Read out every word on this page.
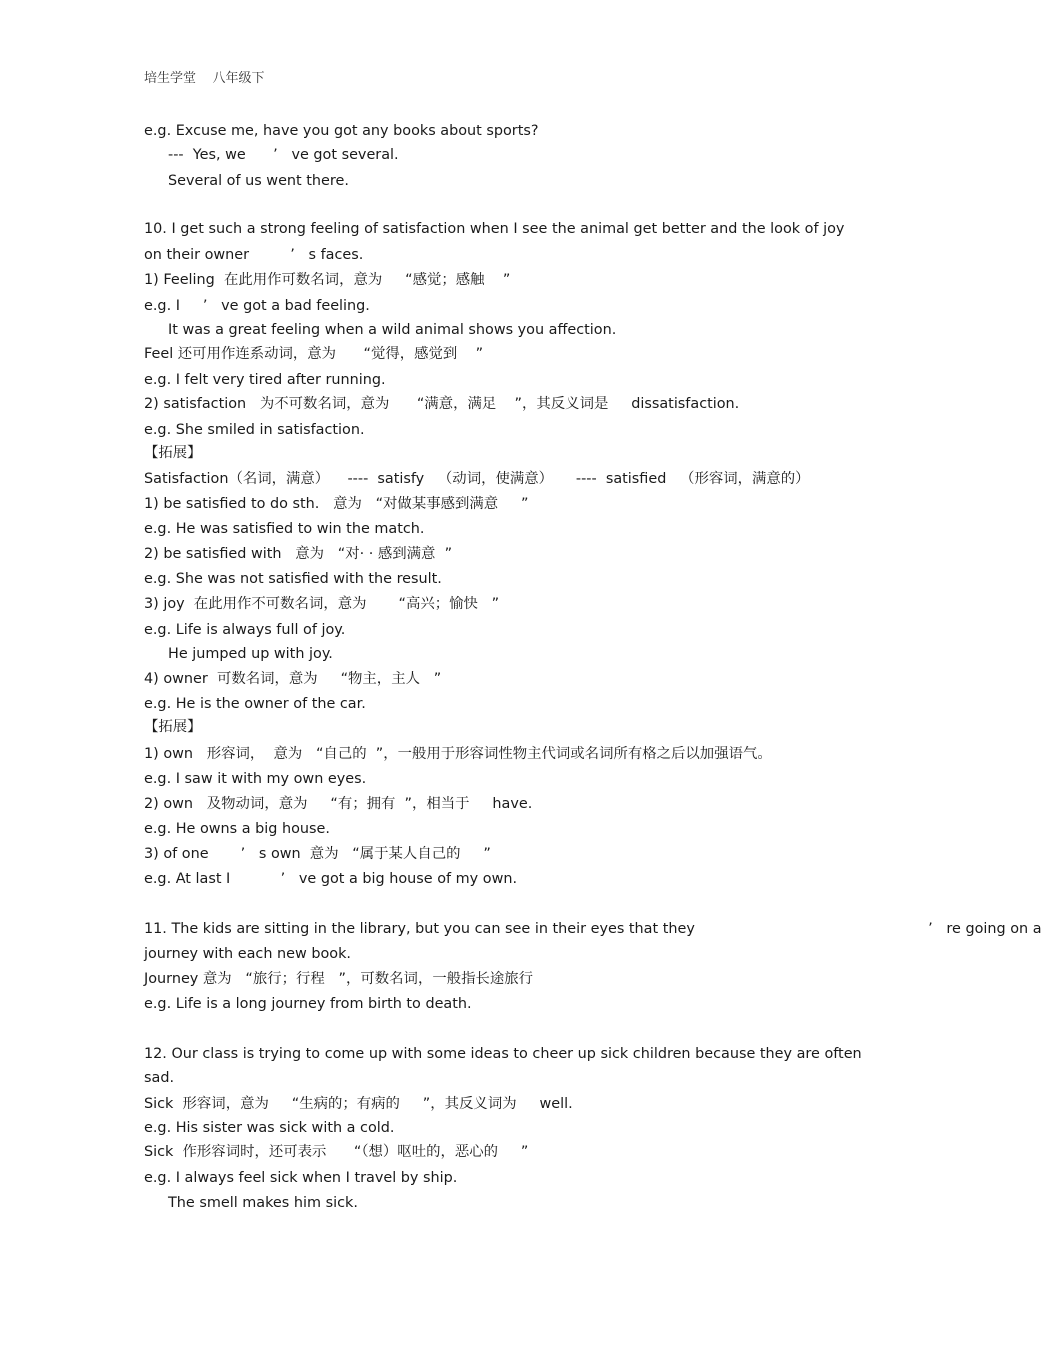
培生学堂    八年级下
e.g. Excuse me, have you got any books about sports?
---  Yes, we      ’   ve got several.
Several of us went there.
10. I get such a strong feeling of satisfaction when I see the animal get better and the look of joy
on their owner         ’   s faces.
1) Feeling  在此用作可数名词，意为     “感觉；感触    ”
e.g. I     ’   ve got a bad feeling.
It was a great feeling when a wild animal shows you affection.
Feel 还可用作连系动词，意为      “觉得，感觉到    ”
e.g. I felt very tired after running.
2) satisfaction   为不可数名词，意为      “满意，满足    ”，其反义词是     dissatisfaction.
e.g. She smiled in satisfaction.
【拓展】
Satisfaction（名词，满意）    ----  satisfy   （动词，使满意）     ----  satisfied   （形容词，满意的）
1) be satisfied to do sth.   意为   “对做某事感到满意     ”
e.g. He was satisfied to win the match.
2) be satisfied with   意为   “对· · 感到满意  ”
e.g. She was not satisfied with the result.
3) joy  在此用作不可数名词，意为       “高兴；愉快   ”
e.g. Life is always full of joy.
He jumped up with joy.
4) owner  可数名词，意为     “物主，主人   ”
e.g. He is the owner of the car.
【拓展】
1) own   形容词，  意为   “自己的  ”，一般用于形容词性物主代词或名词所有格之后以加强语气。
e.g. I saw it with my own eyes.
2) own   及物动词，意为     “有；拥有  ”，相当于     have.
e.g. He owns a big house.
3) of one       ’   s own  意为   “属于某人自己的     ”
e.g. At last I           ’   ve got a big house of my own.
11. The kids are sitting in the library, but you can see in their eyes that they                                                   ’   re going on a
journey with each new book.
Journey 意为   “旅行；行程   ”，可数名词，一般指长途旅行
e.g. Life is a long journey from birth to death.
12. Our class is trying to come up with some ideas to cheer up sick children because they are often
sad.
Sick  形容词，意为     “生病的；有病的     ”，其反义词为     well.
e.g. His sister was sick with a cold.
Sick  作形容词时，还可表示      “（想）呕吐的，恶心的     ”
e.g. I always feel sick when I travel by ship.
The smell makes him sick.
